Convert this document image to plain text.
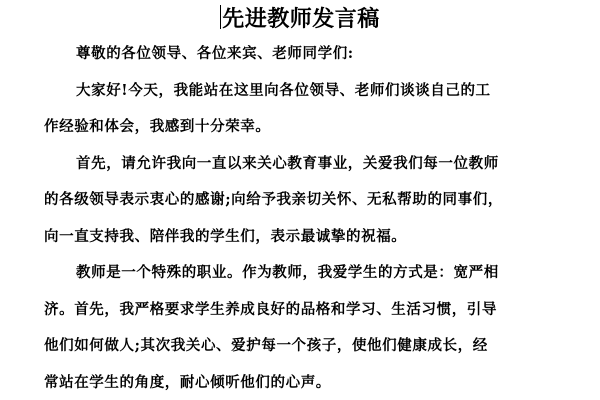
先进教师发言稿

尊敬的各位领导、各位来宾、老师同学们:

大家好!今天，我能站在这里向各位领导、老师们谈谈自己的工
作经验和体会，我感到十分荣幸。

首先，请允许我向一直以来关心教育事业，关爱我们每一位教师
的各级领导表示衷心的感谢;向给予我亲切关怀、无私帮助的同事们，
向一直支持我、陪伴我的学生们，表示最诚挚的祝福。

教师是一个特殊的职业。作为教师，我爱学生的方式是：宽严相
济。首先，我严格要求学生养成良好的品格和学习、生活习惯，引导
他们如何做人;其次我关心、爱护每一个孩子，使他们健康成长，经
常站在学生的角度，耐心倾听他们的心声。
